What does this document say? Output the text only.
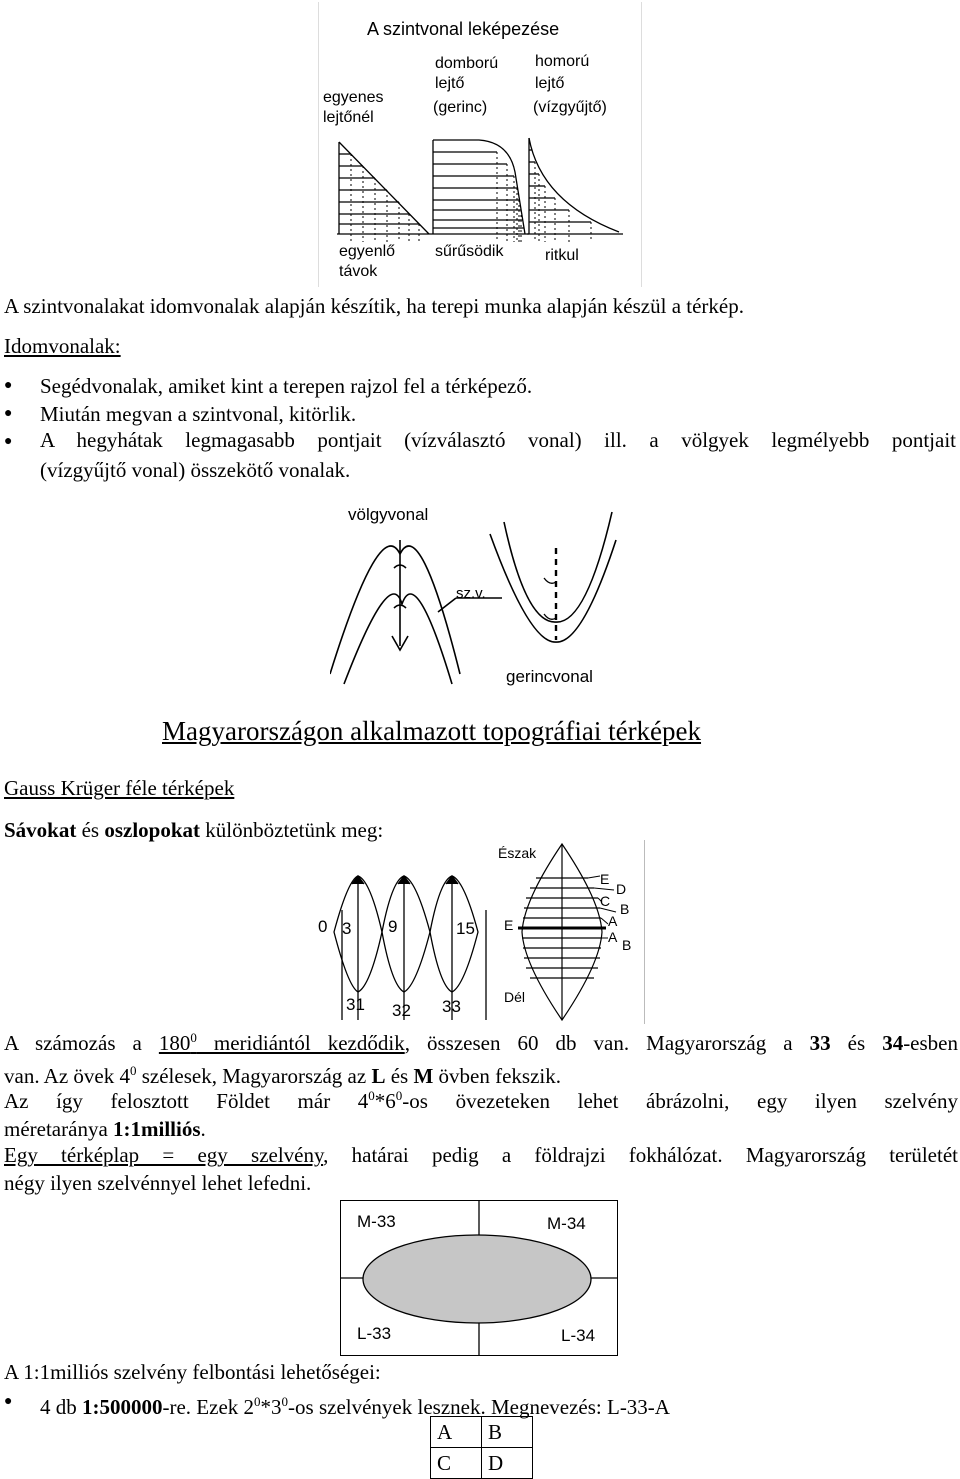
A szintvonal leképezése
egyenes
lejtőnél
domború
lejtő
(gerinc)
homorú
lejtő
(vízgyűjtő)
egyenlő
távok
sűrűsödik	ritkul
A szintvonalakat idomvonalak alapján készítik, ha terepi munka alapján készül a térkép.
Idomvonalak:
● Segédvonalak, amiket kint a terepen rajzol fel a térképező.
● Miután megvan a szintvonal, kitörlik.
● A hegyhátak legmagasabb pontjait (vízválasztó vonal) ill. a völgyek legmélyebb pontjait
(vízgyűjtő vonal) összekötő vonalak.
völgyvonal
sz.v.
gerincvonal
Magyarországon alkalmazott topográfiai térképek
Gauss Krüger féle térképek
Sávokat és oszlopokat különböztetünk meg:
0 3 9	15
31 32 33
Észak
E
Dél
E
D
C B
A
A B
A számozás a $180^0$ meridiántól kezdődik, összesen 60 db van. Magyarország a 33 és 34-esben
van. Az övek $4^0$ szélesek, Magyarország az L és M övben fekszik.
Az így felosztott Földet már $4^0*6^0-os$ övezeteken lehet ábrázolni, egy ilyen szelvény
méretaránya 1:1milliós.
Egy térképlap = egy szelvény, határai pedig a földrajzi fokhálózat. Magyarország területét
négy ilyen szelvénnyel lehet lefedni.
M-33	M-34
L-33	L-34
A 1:1milliós szelvény felbontási lehetőségei:
● 4 db 1:500000-re. Ezek $2^0*3^0-os$ szelvények lesznek. Megnevezés: L-33-A
A	B
C	D
